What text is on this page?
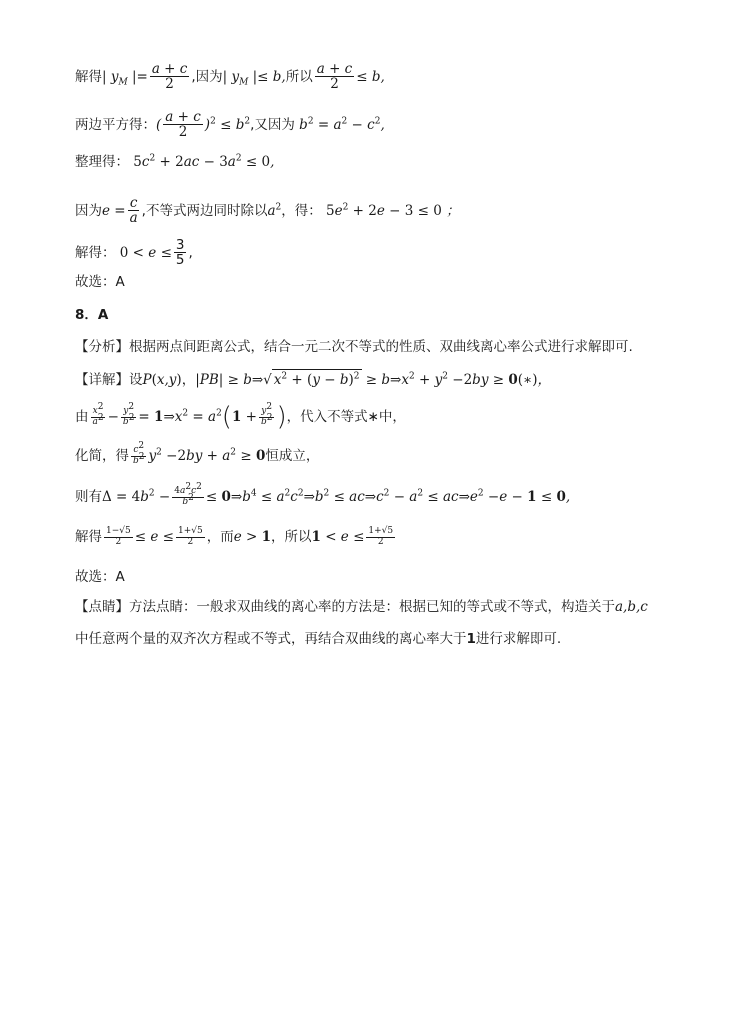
解得 | $y_M$ |= $\frac{a + c}{2}$ ,因为 | $y_M$ |≤ b, 所以 $\frac{a + c}{2} \le b$,
两边平方得： ( $\frac{a + c}{2} )^2 \le b^2$ ,又因为 $b^2 = a^2 - c^2$,
整理得： $5c^2 + 2ac - 3a^2 \le 0$,
因为 $e = \frac{c}{a}$ ,不等式两边同时除以 $a^2$ ，得： $5e^2 + 2e - 3 \le 0$ ；
解得： $0 < e \le \frac{3}{5}$ ,
故选：A
8．A
【分析】根据两点间距离公式，结合一元二次不等式的性质、双曲线离心率公式进行求解即可.
【详解】设 P(x,y) ， |PB| ≥ b⇒ √ $x^2 + (y - b)^2$ ≥ $b\Rightarrow x^2 + y^2 -2by$ ≥ 0(∗)，
由 $\frac{x^2}{a^2} - \frac{y^2}{b^2}$ = $1\Rightarrow x^2 = a^2$ ( $1 + \frac{y^2}{b^2}$ ) ，代入不等式∗中，
化简，得 $\frac{c^2}{b^2} y^2 -2by + a^2 \ge 0$ 恒成立，
则有 $\Delta = 4b^2 - \frac{4a^2c^2}{b^2}$ ≤ $0\Rightarrow b^4$ ≤ $a^2c^2\Rightarrow b^2$ ≤ $ac\Rightarrow c^2 - a^2$ ≤ $ac\Rightarrow e^2 -e - 1 \le 0$,
解得 $\frac{1-√5}{2} \le e \le \frac{1+√5}{2}$ ，而 e > 1 ，所以 $1 < e \le \frac{1+√5}{2}$
故选：A
【点睛】方法点睛：一般求双曲线的离心率的方法是：根据已知的等式或不等式，构造关于 a,b,c
中任意两个量的双齐次方程或不等式，再结合双曲线的离心率大于 1 进行求解即可.
